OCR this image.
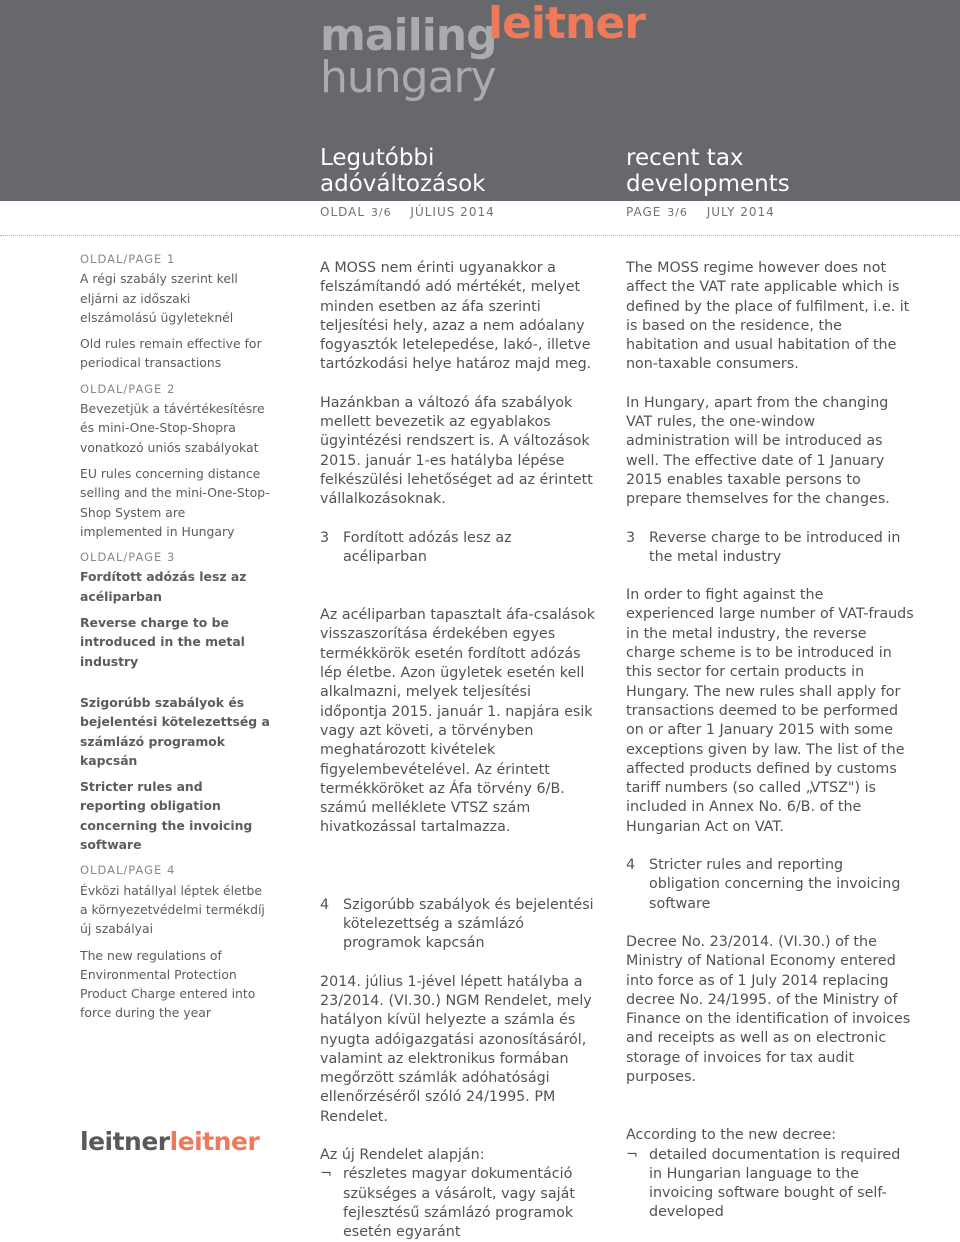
mailing
leitner
hungary
Legutóbbi
adóváltozások
recent tax
developments
OLDAL 3/6 JÚLIUS 2014	PAGE 3/6 JULY 2014
OLDAL/PAGE 1
A régi szabály szerint kell eljárni az időszaki elszámolású ügyleteknél
Old rules remain effective for periodical transactions
OLDAL/PAGE 2
Bevezetjük a távértékesítésre és mini-One-Stop-Shopra vonatkozó uniós szabályokat
EU rules concerning distance selling and the mini-One-Stop-Shop System are implemented in Hungary
OLDAL/PAGE 3
Fordított adózás lesz az acéliparban
Reverse charge to be introduced in the metal industry
Szigorúbb szabályok és bejelentési kötelezettség a számlázó programok kapcsán
Stricter rules and reporting obligation concerning the invoicing software
OLDAL/PAGE 4
Évközi hatállyal léptek életbe a környezetvédelmi termékdíj új szabályai
The new regulations of Environmental Protection Product Charge entered into force during the year

A MOSS nem érinti ugyanakkor a felszámítandó adó mértékét, melyet minden esetben az áfa szerinti teljesítési hely, azaz a nem adóalany fogyasztók letelepedése, lakó-, illetve tartózkodási helye határoz majd meg.

Hazánkban a változó áfa szabályok mellett bevezetik az egyablakos ügyintézési rendszert is. A változások 2015. január 1-es hatályba lépése felkészülési lehetőséget ad az érintett vállalkozásoknak.

3 Fordított adózás lesz az acéliparban

Az acéliparban tapasztalt áfa-csalások visszaszorítása érdekében egyes termékkörök esetén fordított adózás lép életbe. Azon ügyletek esetén kell alkalmazni, melyek teljesítési időpontja 2015. január 1. napjára esik vagy azt követi, a törvényben meghatározott kivételek figyelembevételével. Az érintett termékköröket az Áfa törvény 6/B. számú melléklete VTSZ szám hivatkozással tartalmazza.

4 Szigorúbb szabályok és bejelentési kötelezettség a számlázó programok kapcsán

2014. július 1-jével lépett hatályba a 23/2014. (VI.30.) NGM Rendelet, mely hatályon kívül helyezte a számla és nyugta adóigazgatási azonosításáról, valamint az elektronikus formában megőrzött számlák adóhatósági ellenőrzéséről szóló 24/1995. PM Rendelet.

Az új Rendelet alapján:

¬ részletes magyar dokumentáció szükséges a vásárolt, vagy saját fejlesztésű számlázó programok esetén egyaránt

The MOSS regime however does not affect the VAT rate applicable which is defined by the place of fulfilment, i.e. it is based on the residence, the habitation and usual habitation of the non-taxable consumers.

In Hungary, apart from the changing VAT rules, the one-window administration will be introduced as well. The effective date of 1 January 2015 enables taxable persons to prepare themselves for the changes.

3 Reverse charge to be introduced in the metal industry

In order to fight against the experienced large number of VAT-frauds in the metal industry, the reverse charge scheme is to be introduced in this sector for certain products in Hungary. The new rules shall apply for transactions deemed to be performed on or after 1 January 2015 with some exceptions given by law. The list of the affected products defined by customs tariff numbers (so called „VTSZ") is included in Annex No. 6/B. of the Hungarian Act on VAT.

4 Stricter rules and reporting obligation concerning the invoicing software

Decree No. 23/2014. (VI.30.) of the Ministry of National Economy entered into force as of 1 July 2014 replacing decree No. 24/1995. of the Ministry of Finance on the identification of invoices and receipts as well as on electronic storage of invoices for tax audit purposes.

According to the new decree:

¬ detailed documentation is required in Hungarian language to the invoicing software bought of self-developed
leitnerleitner
